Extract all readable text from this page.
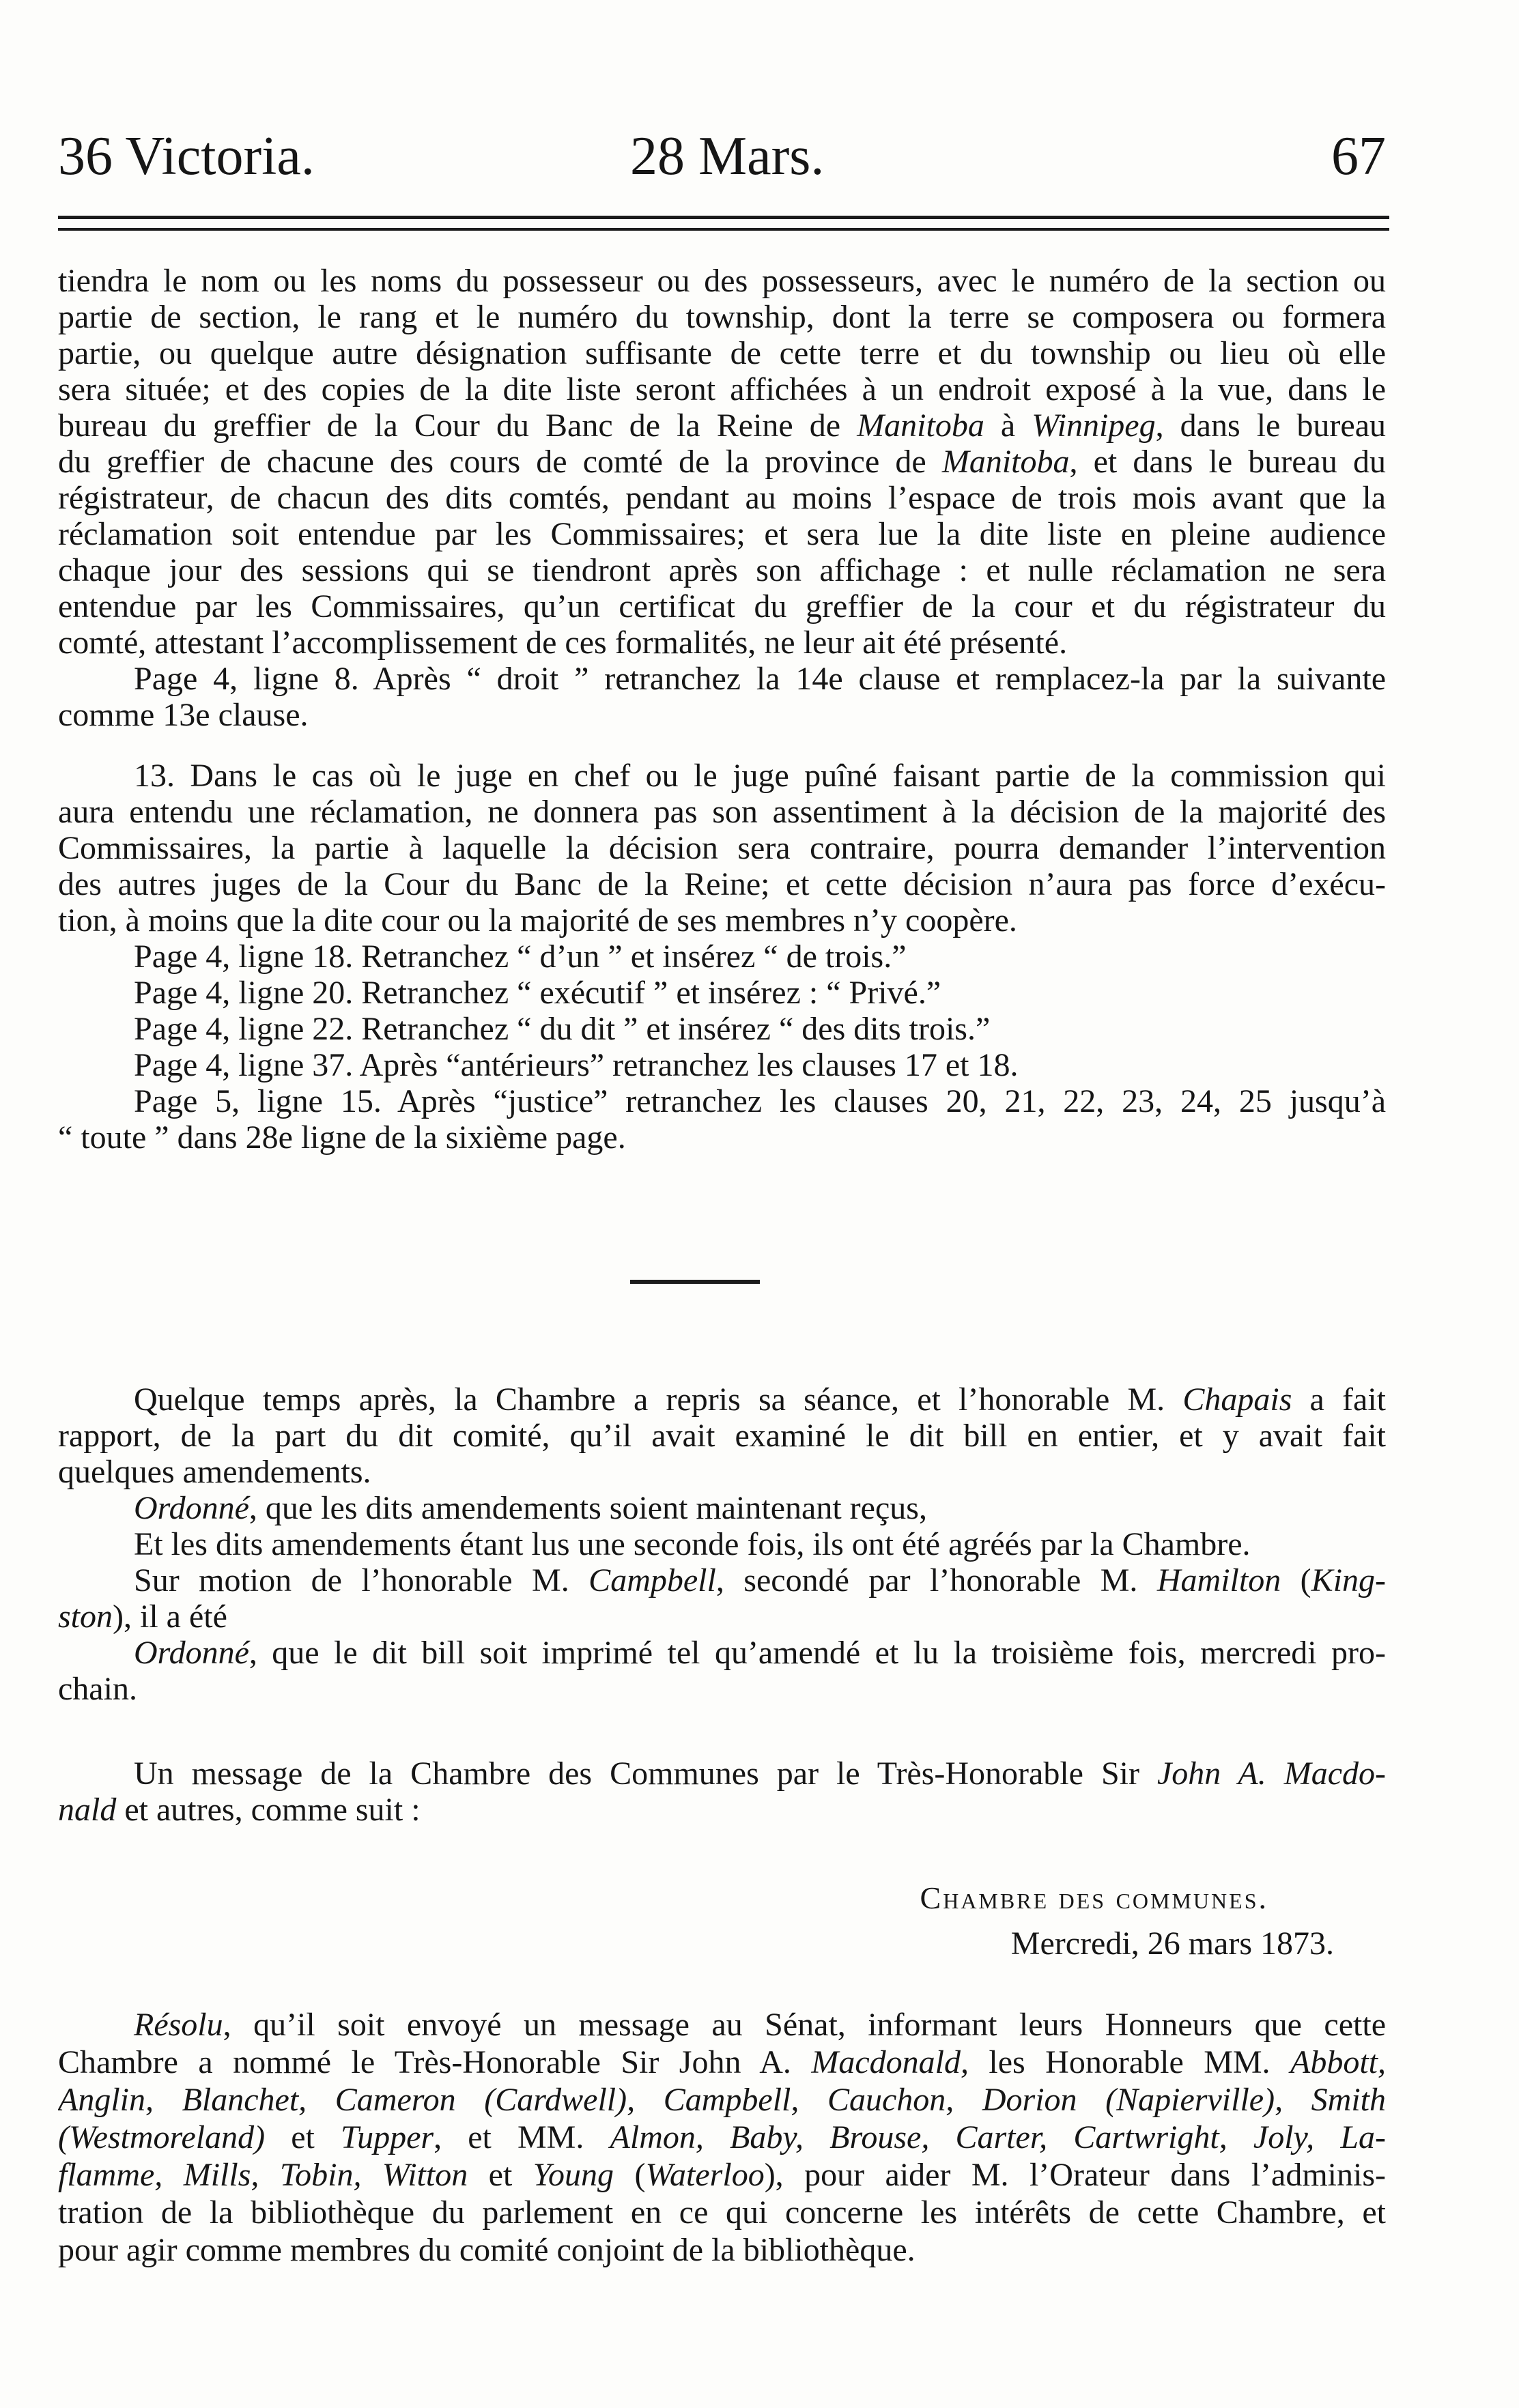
36 Victoria.	28 Mars.	67
tiendra le nom ou les noms du possesseur ou des possesseurs, avec le numéro de la section ou
partie de section, le rang et le numéro du township, dont la terre se composera ou formera
partie, ou quelque autre désignation suffisante de cette terre et du township ou lieu où elle
sera située; et des copies de la dite liste seront affichées à un endroit exposé à la vue, dans le
bureau du greffier de la Cour du Banc de la Reine de Manitoba à Winnipeg, dans le bureau
du greffier de chacune des cours de comté de la province de Manitoba, et dans le bureau du
régistrateur, de chacun des dits comtés, pendant au moins l’espace de trois mois avant que la
réclamation soit entendue par les Commissaires; et sera lue la dite liste en pleine audience
chaque jour des sessions qui se tiendront après son affichage : et nulle réclamation ne sera
entendue par les Commissaires, qu’un certificat du greffier de la cour et du régistrateur du
comté, attestant l’accomplissement de ces formalités, ne leur ait été présenté.
Page 4, ligne 8. Après “ droit ” retranchez la 14e clause et remplacez-la par la suivante
comme 13e clause.
13. Dans le cas où le juge en chef ou le juge puîné faisant partie de la commission qui
aura entendu une réclamation, ne donnera pas son assentiment à la décision de la majorité des
Commissaires, la partie à laquelle la décision sera contraire, pourra demander l’intervention
des autres juges de la Cour du Banc de la Reine; et cette décision n’aura pas force d’exécu-
tion, à moins que la dite cour ou la majorité de ses membres n’y coopère.
Page 4, ligne 18. Retranchez “ d’un ” et insérez “ de trois.”
Page 4, ligne 20. Retranchez “ exécutif ” et insérez : “ Privé.”
Page 4, ligne 22. Retranchez “ du dit ” et insérez “ des dits trois.”
Page 4, ligne 37. Après “antérieurs” retranchez les clauses 17 et 18.
Page 5, ligne 15. Après “justice” retranchez les clauses 20, 21, 22, 23, 24, 25 jusqu’à
“ toute ” dans 28e ligne de la sixième page.
Quelque temps après, la Chambre a repris sa séance, et l’honorable M. Chapais a fait
rapport, de la part du dit comité, qu’il avait examiné le dit bill en entier, et y avait fait
quelques amendements.
Ordonné, que les dits amendements soient maintenant reçus,
Et les dits amendements étant lus une seconde fois, ils ont été agréés par la Chambre.
Sur motion de l’honorable M. Campbell, secondé par l’honorable M. Hamilton (King-
ston), il a été
Ordonné, que le dit bill soit imprimé tel qu’amendé et lu la troisième fois, mercredi pro-
chain.
Un message de la Chambre des Communes par le Très-Honorable Sir John A. Macdo-
nald et autres, comme suit :
Chambre des communes.
Mercredi, 26 mars 1873.
Résolu, qu’il soit envoyé un message au Sénat, informant leurs Honneurs que cette
Chambre a nommé le Très-Honorable Sir John A. Macdonald, les Honorable MM. Abbott,
Anglin, Blanchet, Cameron (Cardwell), Campbell, Cauchon, Dorion (Napierville), Smith
(Westmoreland) et Tupper, et MM. Almon, Baby, Brouse, Carter, Cartwright, Joly, La-
flamme, Mills, Tobin, Witton et Young (Waterloo), pour aider M. l’Orateur dans l’adminis-
tration de la bibliothèque du parlement en ce qui concerne les intérêts de cette Chambre, et
pour agir comme membres du comité conjoint de la bibliothèque.
